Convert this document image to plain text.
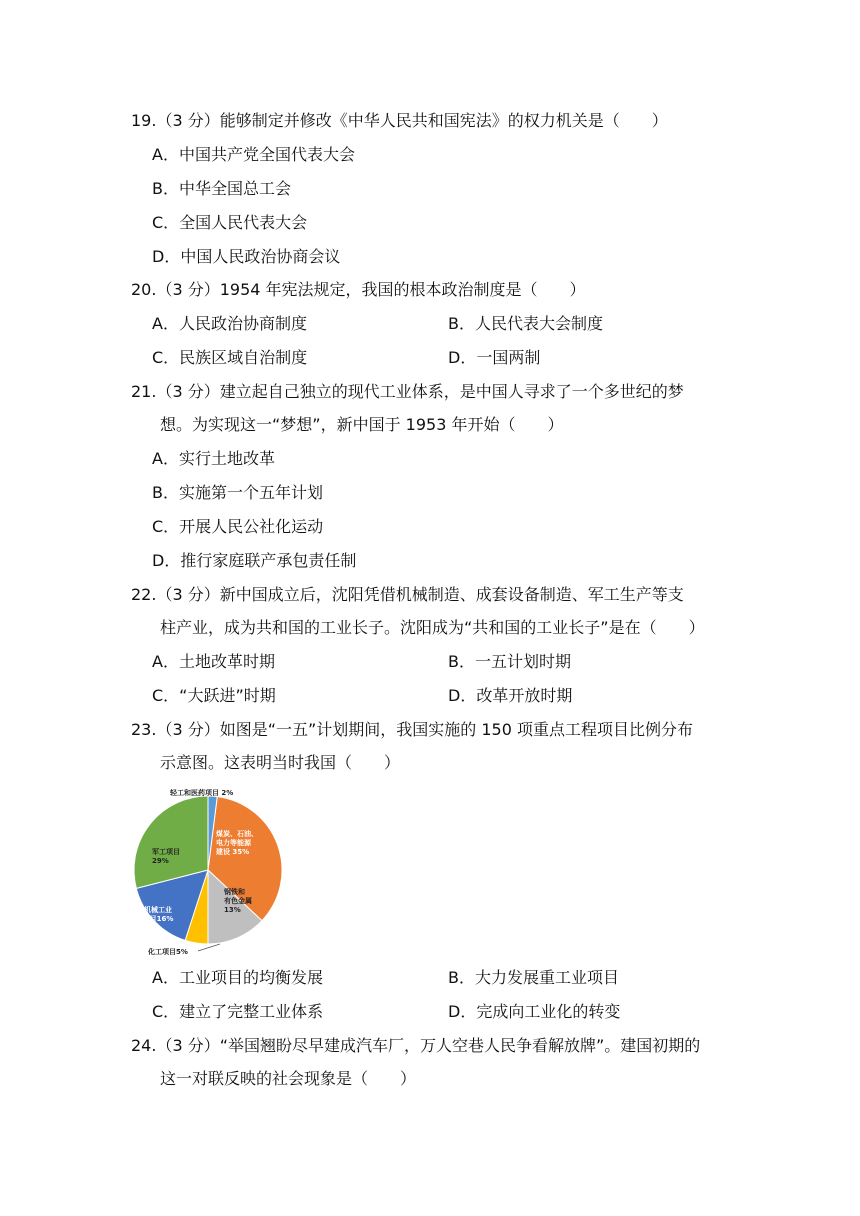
19.（3 分）能够制定并修改《中华人民共和国宪法》的权力机关是（　　）
A．中国共产党全国代表大会
B．中华全国总工会
C．全国人民代表大会
D．中国人民政治协商会议
20.（3 分）1954 年宪法规定，我国的根本政治制度是（　　）
A．人民政治协商制度	B．人民代表大会制度
C．民族区域自治制度	D．一国两制
21.（3 分）建立起自己独立的现代工业体系，是中国人寻求了一个多世纪的梦
想。为实现这一“梦想”，新中国于 1953 年开始（　　）
A．实行土地改革
B．实施第一个五年计划
C．开展人民公社化运动
D．推行家庭联产承包责任制
22.（3 分）新中国成立后，沈阳凭借机械制造、成套设备制造、军工生产等支
柱产业，成为共和国的工业长子。沈阳成为“共和国的工业长子”是在（　　）
A．土地改革时期	B．一五计划时期
C．“大跃进”时期	D．改革开放时期
23.（3 分）如图是“一五”计划期间，我国实施的 150 项重点工程项目比例分布
示意图。这表明当时我国（　　）
煤炭、石油、电力等能源建设 35%
钢铁和有色金属 13%
化工项目5%
机械工业项目16%
军工项目 29%
轻工和医药项目 2%
A．工业项目的均衡发展	B．大力发展重工业项目
C．建立了完整工业体系	D．完成向工业化的转变
24.（3 分）“举国翘盼尽早建成汽车厂，万人空巷人民争看解放牌”。建国初期的
这一对联反映的社会现象是（　　）
